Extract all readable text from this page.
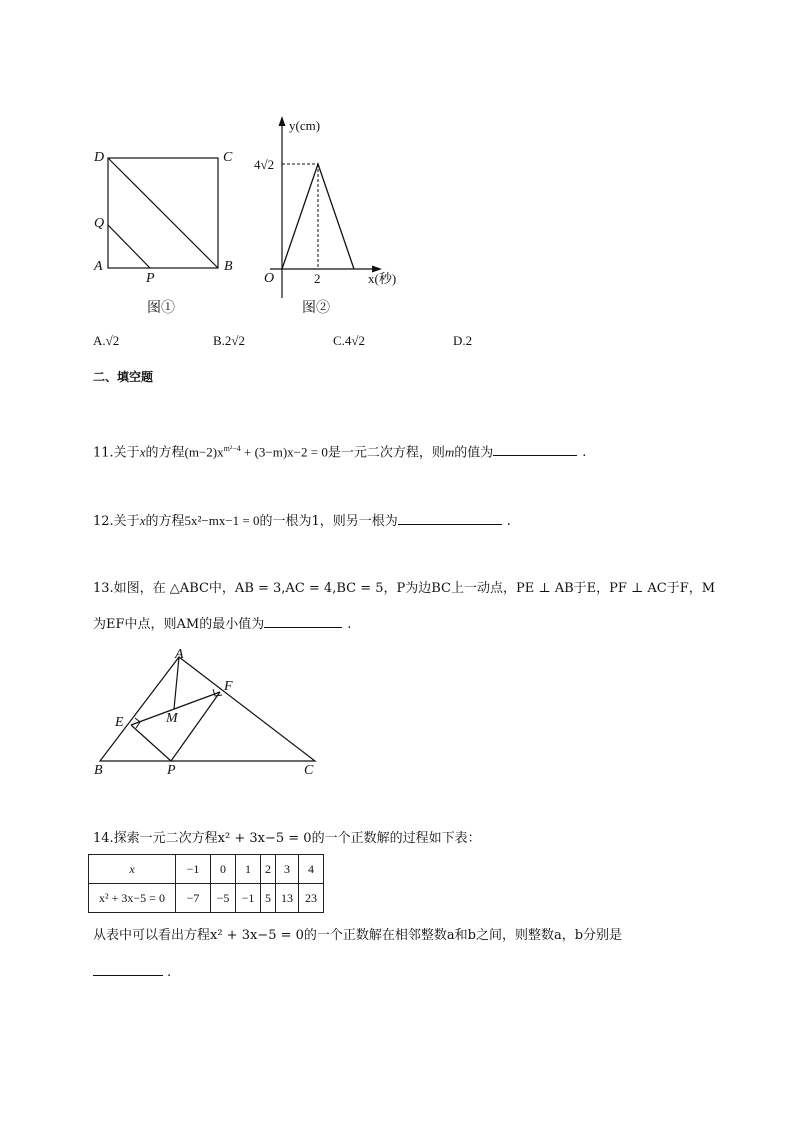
D	C
Q
A
P
B
图①
y(cm)
4√2
O	2	x(秒)
图②
A.√2	B.2√2	C.4√2	D.2
二、填空题
11.关于x的方程$(m-2)x^{m^2-4} + (3-m)x-2 = 0$是一元二次方程，则m的值为	.
12.关于x的方程5x²−mx−1 = 0的一根为1，则另一根为	.
13.如图，在 △ABC中，AB = 3,AC = 4,BC = 5，P为边BC上一动点，PE ⊥ AB于E，PF ⊥ AC于F，M
为EF中点，则AM的最小值为	.
A
F
E	M
B	P	C
14.探索一元二次方程x² + 3x−5 = 0的一个正数解的过程如下表：
x	−1	0	1	2	3	4
x² + 3x−5 = 0	−7	−5	−1	5	13	23
从表中可以看出方程x² + 3x−5 = 0的一个正数解在相邻整数a和b之间，则整数a，b分别是
.
